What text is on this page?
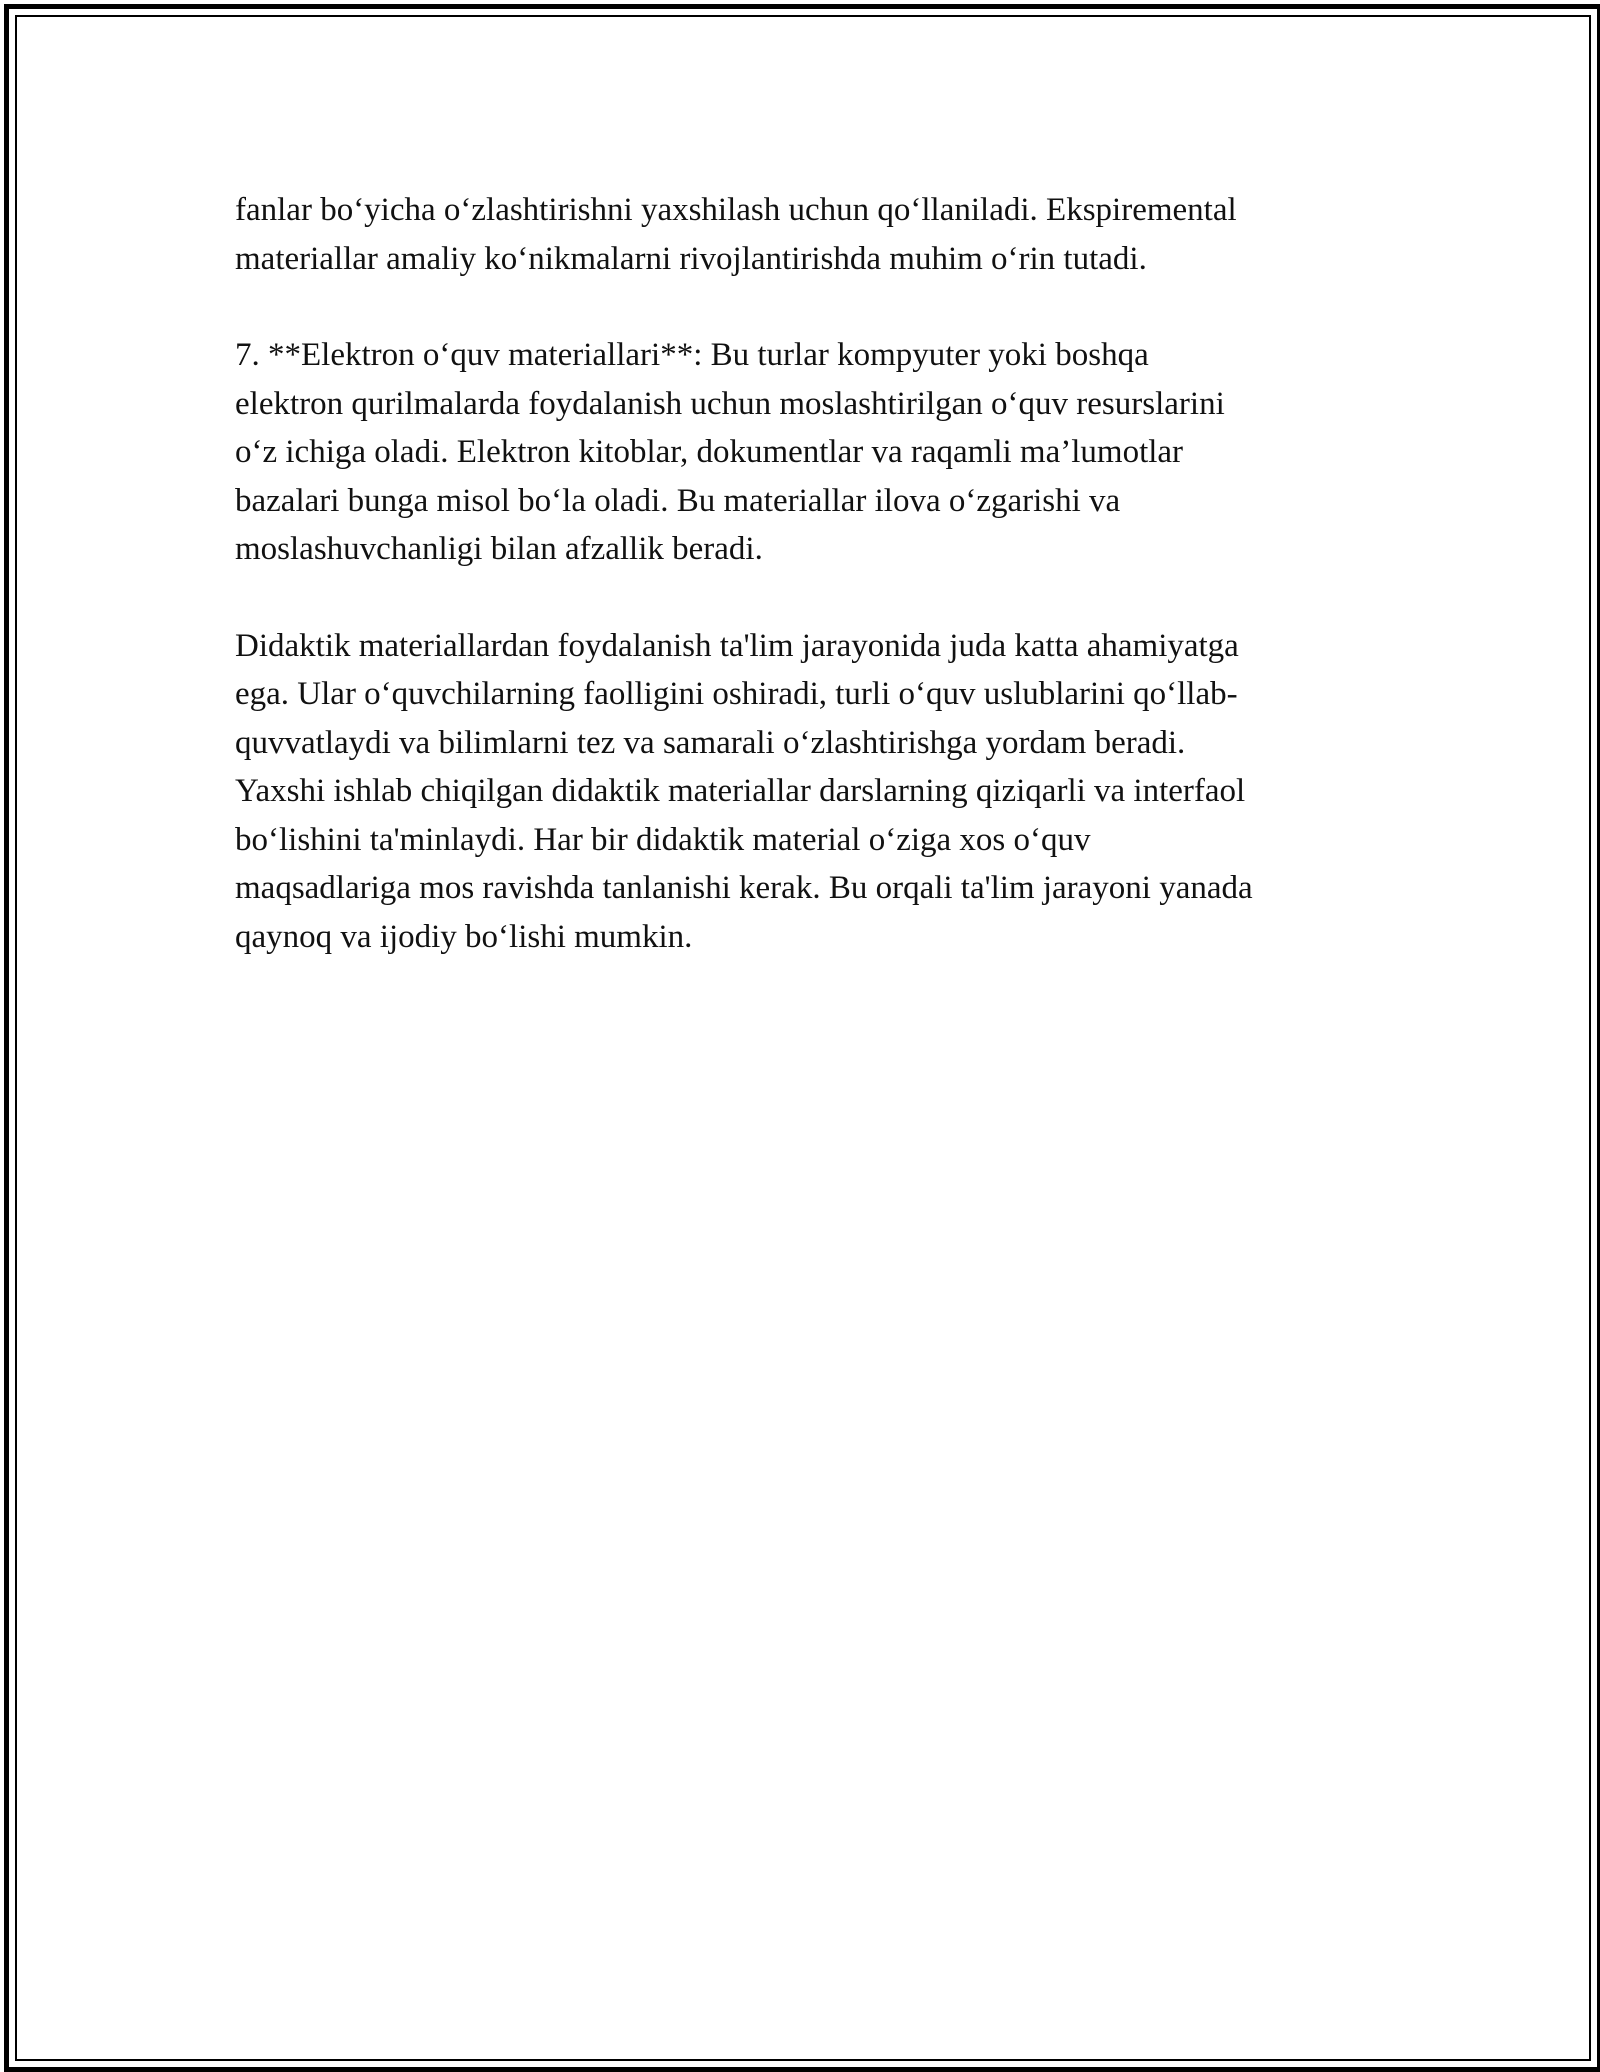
fanlar bo‘yicha o‘zlashtirishni yaxshilash uchun qo‘llaniladi. Ekspiremental
materiallar amaliy ko‘nikmalarni rivojlantirishda muhim o‘rin tutadi.

7. **Elektron o‘quv materiallari**: Bu turlar kompyuter yoki boshqa
elektron qurilmalarda foydalanish uchun moslashtirilgan o‘quv resurslarini
o‘z ichiga oladi. Elektron kitoblar, dokumentlar va raqamli ma’lumotlar
bazalari bunga misol bo‘la oladi. Bu materiallar ilova o‘zgarishi va
moslashuvchanligi bilan afzallik beradi.

Didaktik materiallardan foydalanish ta'lim jarayonida juda katta ahamiyatga
ega. Ular o‘quvchilarning faolligini oshiradi, turli o‘quv uslublarini qo‘llab-
quvvatlaydi va bilimlarni tez va samarali o‘zlashtirishga yordam beradi.
Yaxshi ishlab chiqilgan didaktik materiallar darslarning qiziqarli va interfaol
bo‘lishini ta'minlaydi. Har bir didaktik material o‘ziga xos o‘quv
maqsadlariga mos ravishda tanlanishi kerak. Bu orqali ta'lim jarayoni yanada
qaynoq va ijodiy bo‘lishi mumkin.
